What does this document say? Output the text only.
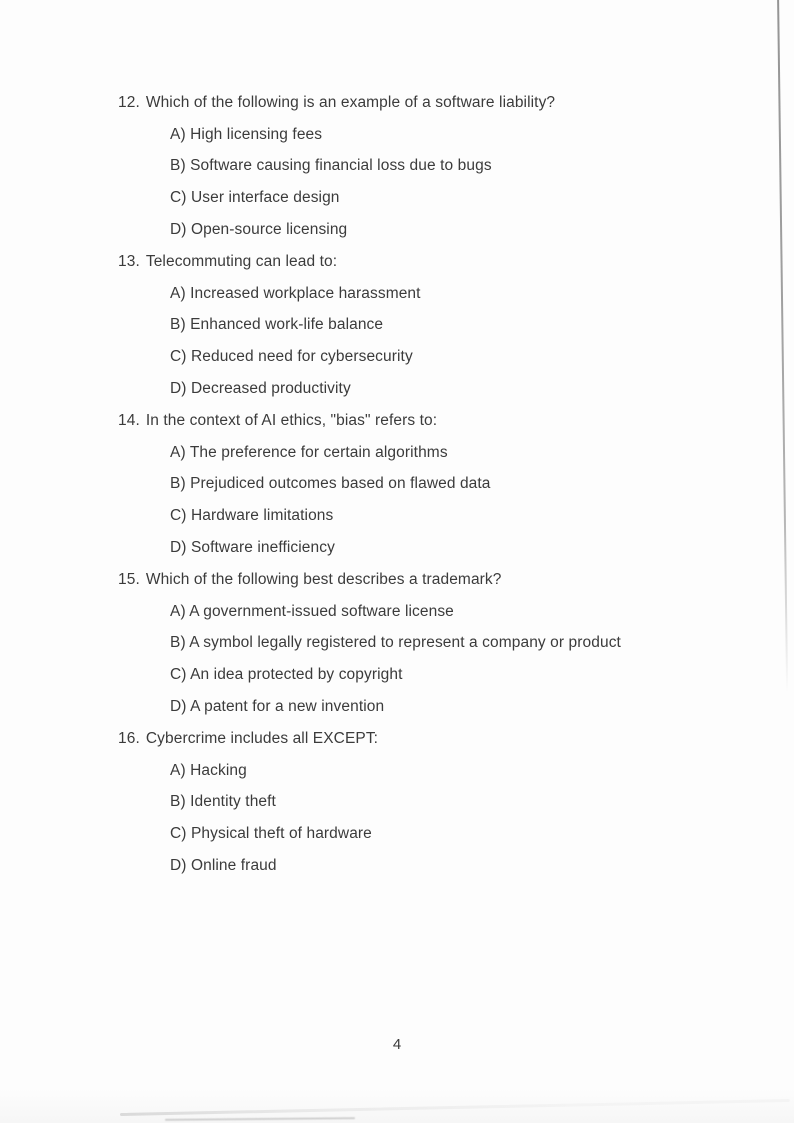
12. Which of the following is an example of a software liability?
A) High licensing fees
B) Software causing financial loss due to bugs
C) User interface design
D) Open-source licensing
13. Telecommuting can lead to:
A) Increased workplace harassment
B) Enhanced work-life balance
C) Reduced need for cybersecurity
D) Decreased productivity
14. In the context of AI ethics, "bias" refers to:
A) The preference for certain algorithms
B) Prejudiced outcomes based on flawed data
C) Hardware limitations
D) Software inefficiency
15. Which of the following best describes a trademark?
A) A government-issued software license
B) A symbol legally registered to represent a company or product
C) An idea protected by copyright
D) A patent for a new invention
16. Cybercrime includes all EXCEPT:
A) Hacking
B) Identity theft
C) Physical theft of hardware
D) Online fraud
4
